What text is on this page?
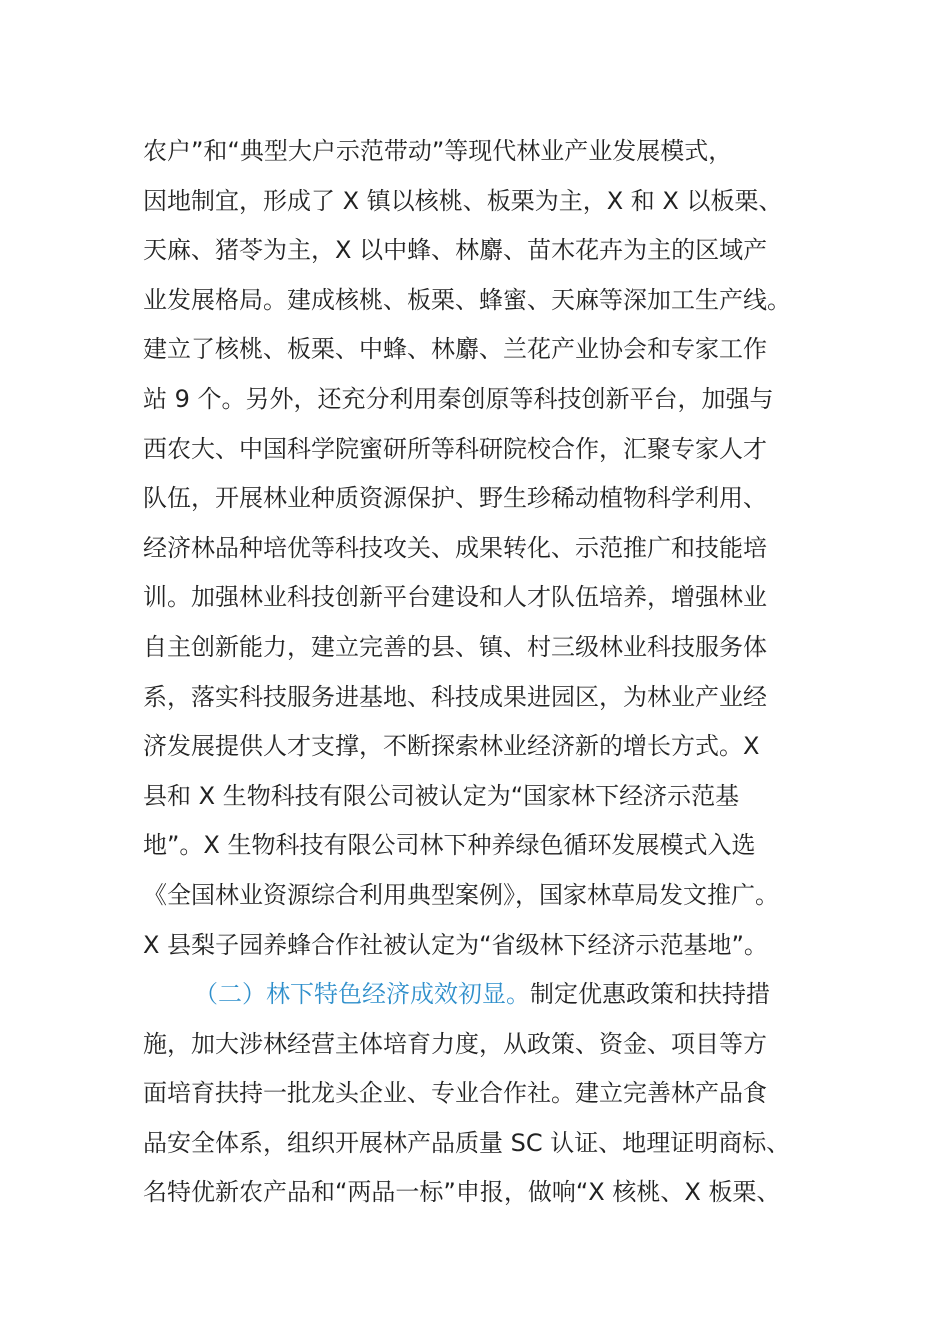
农户”和“典型大户示范带动”等现代林业产业发展模式，
因地制宜，形成了 X 镇以核桃、板栗为主，X 和 X 以板栗、
天麻、猪苓为主，X 以中蜂、林麝、苗木花卉为主的区域产
业发展格局。建成核桃、板栗、蜂蜜、天麻等深加工生产线。
建立了核桃、板栗、中蜂、林麝、兰花产业协会和专家工作
站 9 个。另外，还充分利用秦创原等科技创新平台，加强与
西农大、中国科学院蜜研所等科研院校合作，汇聚专家人才
队伍，开展林业种质资源保护、野生珍稀动植物科学利用、
经济林品种培优等科技攻关、成果转化、示范推广和技能培
训。加强林业科技创新平台建设和人才队伍培养，增强林业
自主创新能力，建立完善的县、镇、村三级林业科技服务体
系，落实科技服务进基地、科技成果进园区，为林业产业经
济发展提供人才支撑，不断探索林业经济新的增长方式。X
县和 X 生物科技有限公司被认定为“国家林下经济示范基
地”。X 生物科技有限公司林下种养绿色循环发展模式入选
《全国林业资源综合利用典型案例》，国家林草局发文推广。
X 县梨子园养蜂合作社被认定为“省级林下经济示范基地”。
（二）林下特色经济成效初显。制定优惠政策和扶持措
施，加大涉林经营主体培育力度，从政策、资金、项目等方
面培育扶持一批龙头企业、专业合作社。建立完善林产品食
品安全体系，组织开展林产品质量 SC 认证、地理证明商标、
名特优新农产品和“两品一标”申报，做响“X 核桃、X 板栗、
